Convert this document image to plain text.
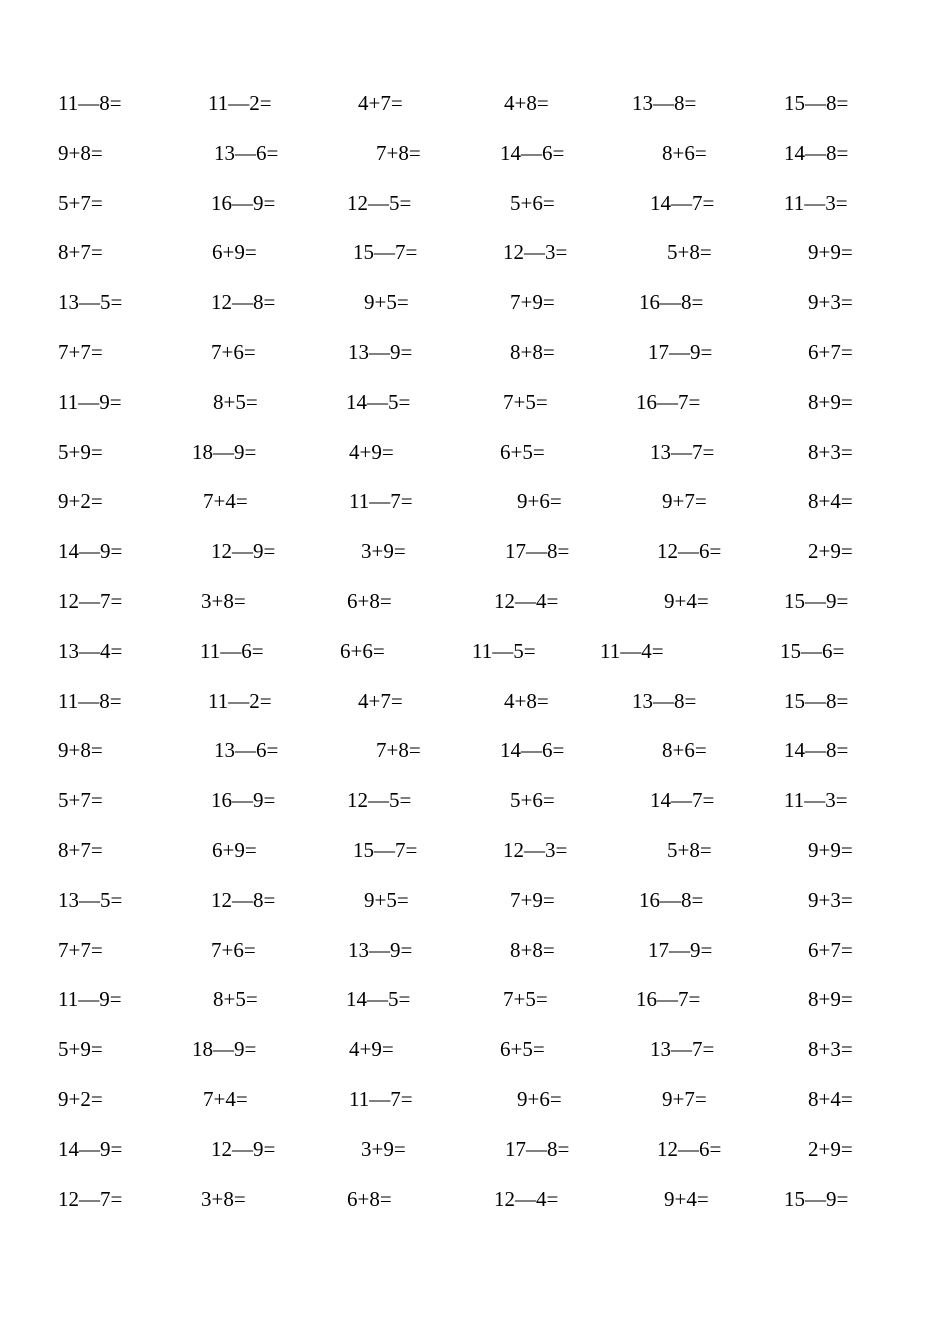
11—8=	11—2=	4+7=	4+8=	13—8=	15—8=
9+8=	13—6=	7+8=	14—6=	8+6=	14—8=
5+7=	16—9=	12—5=	5+6=	14—7=	11—3=
8+7=	6+9=	15—7=	12—3=	5+8=	9+9=
13—5=	12—8=	9+5=	7+9=	16—8=	9+3=
7+7=	7+6=	13—9=	8+8=	17—9=	6+7=
11—9=	8+5=	14—5=	7+5=	16—7=	8+9=
5+9=	18—9=	4+9=	6+5=	13—7=	8+3=
9+2=	7+4=	11—7=	9+6=	9+7=	8+4=
14—9=	12—9=	3+9=	17—8=	12—6=	2+9=
12—7=	3+8=	6+8=	12—4=	9+4=	15—9=
13—4=	11—6=	6+6=	11—5=	11—4=	15—6=
11—8=	11—2=	4+7=	4+8=	13—8=	15—8=
9+8=	13—6=	7+8=	14—6=	8+6=	14—8=
5+7=	16—9=	12—5=	5+6=	14—7=	11—3=
8+7=	6+9=	15—7=	12—3=	5+8=	9+9=
13—5=	12—8=	9+5=	7+9=	16—8=	9+3=
7+7=	7+6=	13—9=	8+8=	17—9=	6+7=
11—9=	8+5=	14—5=	7+5=	16—7=	8+9=
5+9=	18—9=	4+9=	6+5=	13—7=	8+3=
9+2=	7+4=	11—7=	9+6=	9+7=	8+4=
14—9=	12—9=	3+9=	17—8=	12—6=	2+9=
12—7=	3+8=	6+8=	12—4=	9+4=	15—9=
